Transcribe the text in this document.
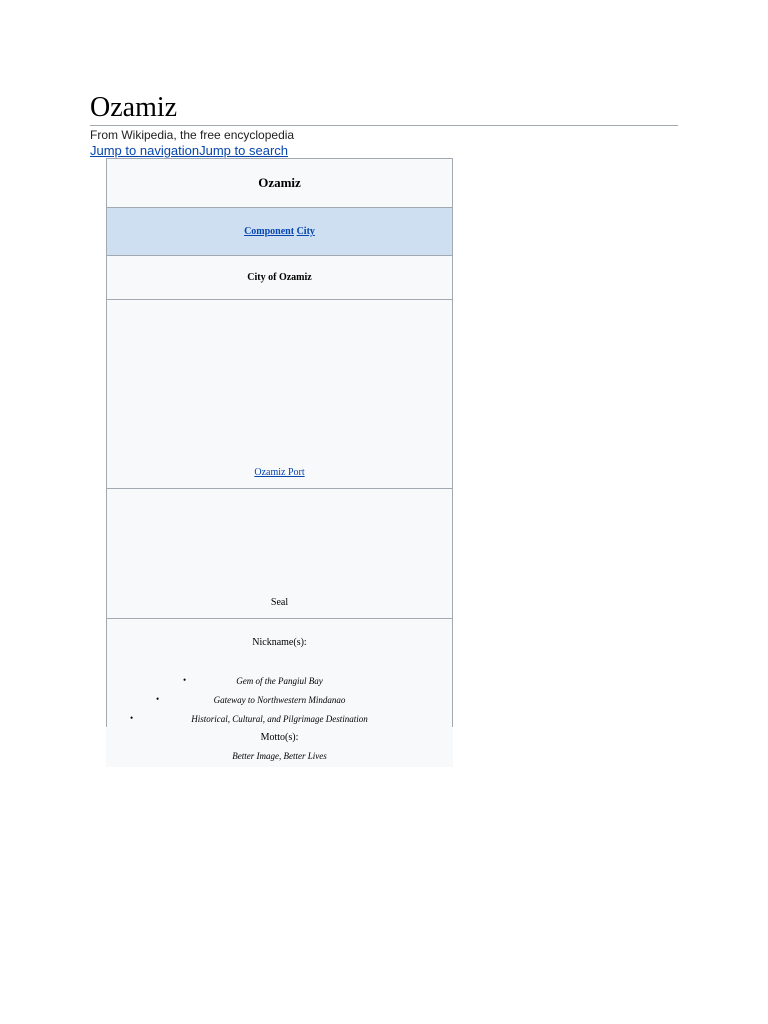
Ozamiz
From Wikipedia, the free encyclopedia
Jump to navigationJump to search
Ozamiz
Component
City
City of Ozamiz
Ozamiz Port
Seal
Nickname(s):
•	Gem of the Pangiul Bay
•	Gateway to Northwestern Mindanao
•	Historical, Cultural, and Pilgrimage Destination
Motto(s):
Better Image, Better Lives
